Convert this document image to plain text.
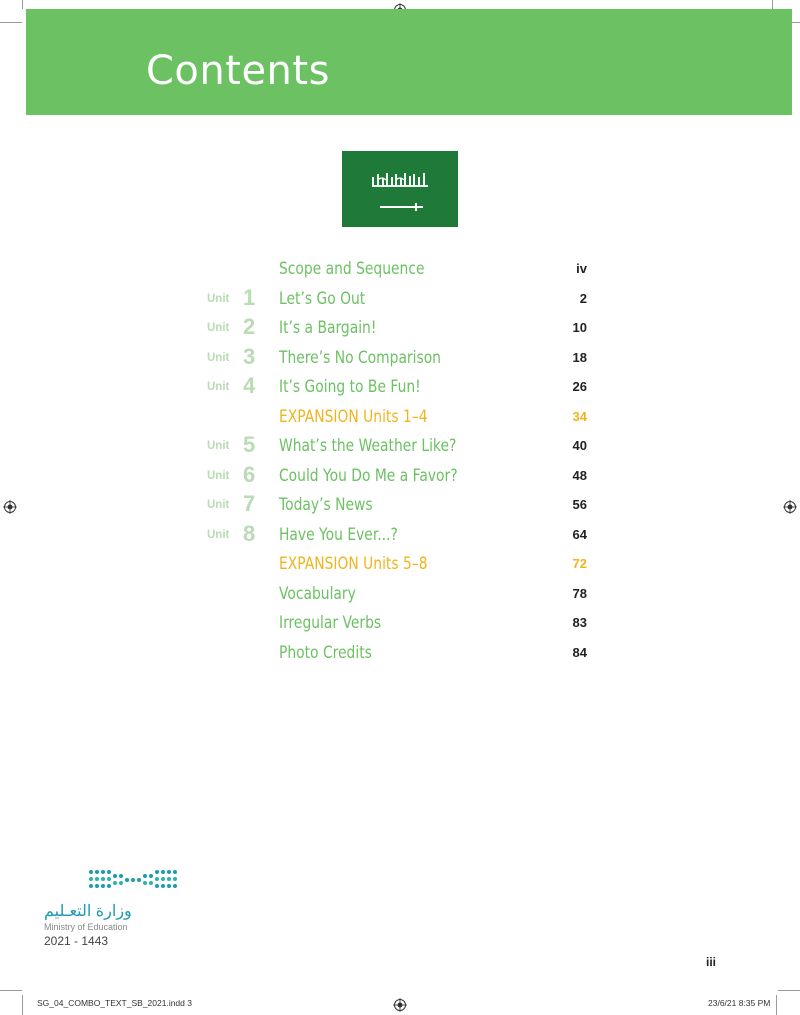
Contents
Scope and Sequence	iv
Unit 1 Let’s Go Out	2
Unit 2 It’s a Bargain!	10
Unit 3 There’s No Comparison	18
Unit 4 It’s Going to Be Fun!	26
EXPANSION Units 1–4	34
Unit 5 What’s the Weather Like?	40
Unit 6 Could You Do Me a Favor?	48
Unit 7 Today’s News	56
Unit 8 Have You Ever...?	64
EXPANSION Units 5–8	72
Vocabulary	78
Irregular Verbs	83
Photo Credits	84
وزارة التعـليم
Ministry of Education
2021 - 1443
iii
SG_04_COMBO_TEXT_SB_2021.indd 3	23/6/21 8:35 PM
